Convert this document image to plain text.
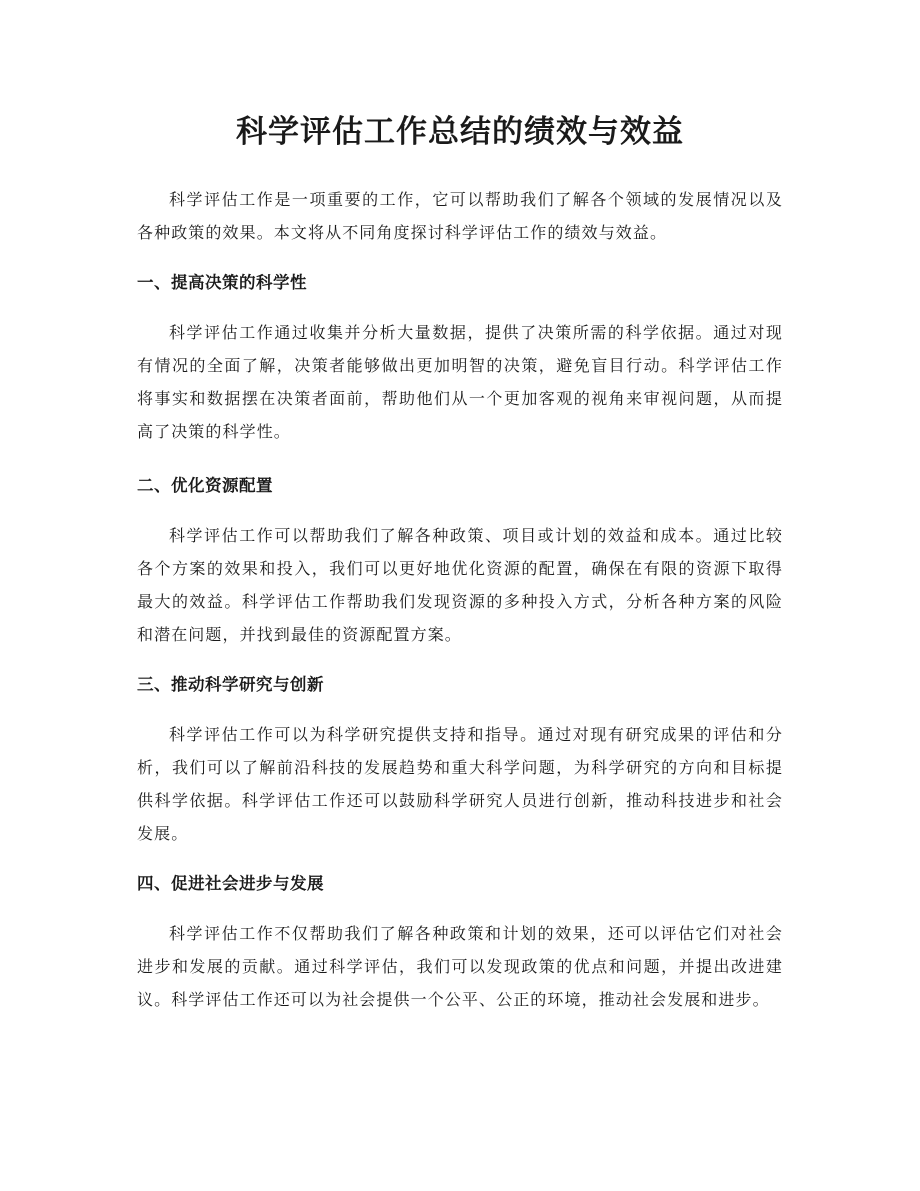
科学评估工作总结的绩效与效益

科学评估工作是一项重要的工作，它可以帮助我们了解各个领域的发展情况以及各种政策的效果。本文将从不同角度探讨科学评估工作的绩效与效益。

一、提高决策的科学性

科学评估工作通过收集并分析大量数据，提供了决策所需的科学依据。通过对现有情况的全面了解，决策者能够做出更加明智的决策，避免盲目行动。科学评估工作将事实和数据摆在决策者面前，帮助他们从一个更加客观的视角来审视问题，从而提高了决策的科学性。

二、优化资源配置

科学评估工作可以帮助我们了解各种政策、项目或计划的效益和成本。通过比较各个方案的效果和投入，我们可以更好地优化资源的配置，确保在有限的资源下取得最大的效益。科学评估工作帮助我们发现资源的多种投入方式，分析各种方案的风险和潜在问题，并找到最佳的资源配置方案。

三、推动科学研究与创新

科学评估工作可以为科学研究提供支持和指导。通过对现有研究成果的评估和分析，我们可以了解前沿科技的发展趋势和重大科学问题，为科学研究的方向和目标提供科学依据。科学评估工作还可以鼓励科学研究人员进行创新，推动科技进步和社会发展。

四、促进社会进步与发展

科学评估工作不仅帮助我们了解各种政策和计划的效果，还可以评估它们对社会进步和发展的贡献。通过科学评估，我们可以发现政策的优点和问题，并提出改进建议。科学评估工作还可以为社会提供一个公平、公正的环境，推动社会发展和进步。
